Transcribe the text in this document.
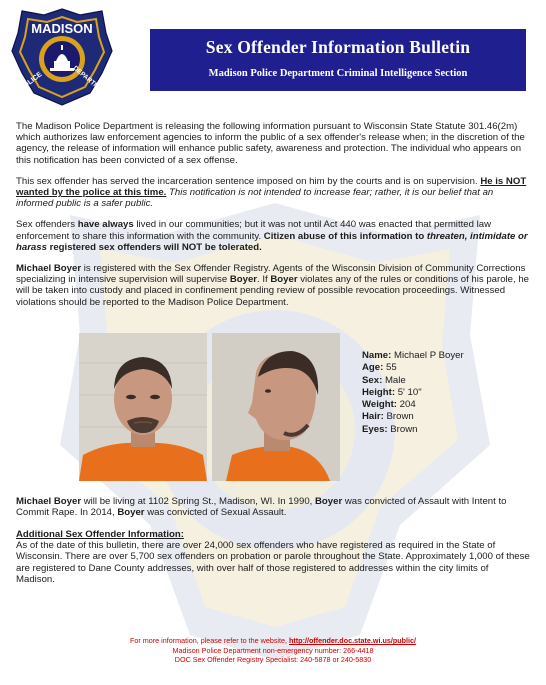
MADISON
POLICE	DEPARTMENT
Sex Offender Information Bulletin
Madison Police Department Criminal Intelligence Section

The Madison Police Department is releasing the following information pursuant to Wisconsin State Statute 301.46(2m) which authorizes law enforcement agencies to inform the public of a sex offender's release when; in the discretion of the agency, the release of information will enhance public safety, awareness and protection. The individual who appears on this notification has been convicted of a sex offense.

This sex offender has served the incarceration sentence imposed on him by the courts and is on supervision. He is NOT wanted by the police at this time. This notification is not intended to increase fear; rather, it is our belief that an informed public is a safer public.

Sex offenders have always lived in our communities; but it was not until Act 440 was enacted that permitted law enforcement to share this information with the community. Citizen abuse of this information to threaten, intimidate or harass registered sex offenders will NOT be tolerated.

Michael Boyer is registered with the Sex Offender Registry. Agents of the Wisconsin Division of Community Corrections specializing in intensive supervision will supervise Boyer. If Boyer violates any of the rules or conditions of his parole, he will be taken into custody and placed in confinement pending review of possible revocation proceedings. Witnessed violations should be reported to the Madison Police Department.

Name: Michael P Boyer
Age: 55
Sex: Male
Height: 5' 10"
Weight: 204
Hair: Brown
Eyes: Brown
Michael Boyer will be living at 1102 Spring St., Madison, WI. In 1990, Boyer was convicted of Assault with Intent to Commit Rape. In 2014, Boyer was convicted of Sexual Assault.
Additional Sex Offender Information:
As of the date of this bulletin, there are over 24,000 sex offenders who have registered as required in the State of Wisconsin. There are over 5,700 sex offenders on probation or parole throughout the State. Approximately 1,000 of these are registered to Dane County addresses, with over half of those registered to addresses within the city limits of Madison.
For more information, please refer to the website, http://offender.doc.state.wi.us/public/
Madison Police Department non-emergency number: 266-4418
DOC Sex Offender Registry Specialist: 240-5878 or 240-5830
